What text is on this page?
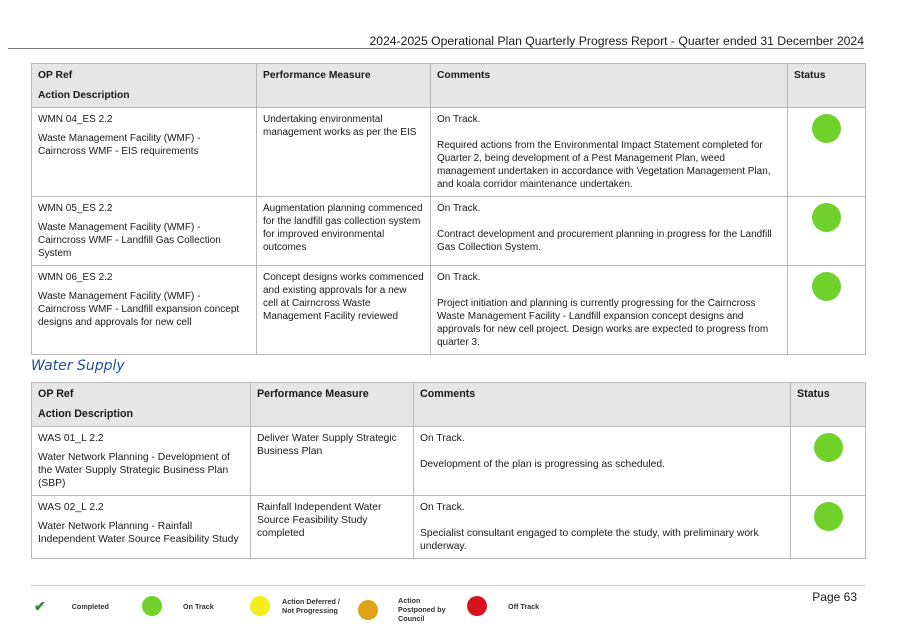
2024-2025 Operational Plan Quarterly Progress Report - Quarter ended 31 December 2024
OP Ref
Action Description	Performance Measure	Comments	Status

WMN 04_ES 2.2
Waste Management Facility (WMF) - Cairncross WMF - EIS requirements	Undertaking environmental management works as per the EIS	On Track.
Required actions from the Environmental Impact Statement completed for Quarter 2, being development of a Pest Management Plan, weed management undertaken in accordance with Vegetation Management Plan, and koala corridor maintenance undertaken.	

WMN 05_ES 2.2
Waste Management Facility (WMF) - Cairncross WMF - Landfill Gas Collection System	Augmentation planning commenced for the landfill gas collection system for improved environmental outcomes	On Track.
Contract development and procurement planning in progress for the Landfill Gas Collection System.	

WMN 06_ES 2.2
Waste Management Facility (WMF) - Cairncross WMF - Landfill expansion concept designs and approvals for new cell	Concept designs works commenced and existing approvals for a new cell at Cairncross Waste Management Facility reviewed	On Track.
Project initiation and planning is currently progressing for the Cairncross Waste Management Facility - Landfill expansion concept designs and approvals for new cell project. Design works are expected to progress from quarter 3.	

Water Supply
OP Ref
Action Description	Performance Measure	Comments	Status

WAS 01_L 2.2
Water Network Planning - Development of the Water Supply Strategic Business Plan (SBP)	Deliver Water Supply Strategic Business Plan	On Track.
Development of the plan is progressing as scheduled.	

WAS 02_L 2.2
Water Network Planning - Rainfall Independent Water Source Feasibility Study	Rainfall Independent Water Source Feasibility Study completed	On Track.
Specialist consultant engaged to complete the study, with preliminary work underway.	

✔	Completed	On Track	Action Deferred / Not Progressing
Action Postponed by Council
Off Track
Page 63
